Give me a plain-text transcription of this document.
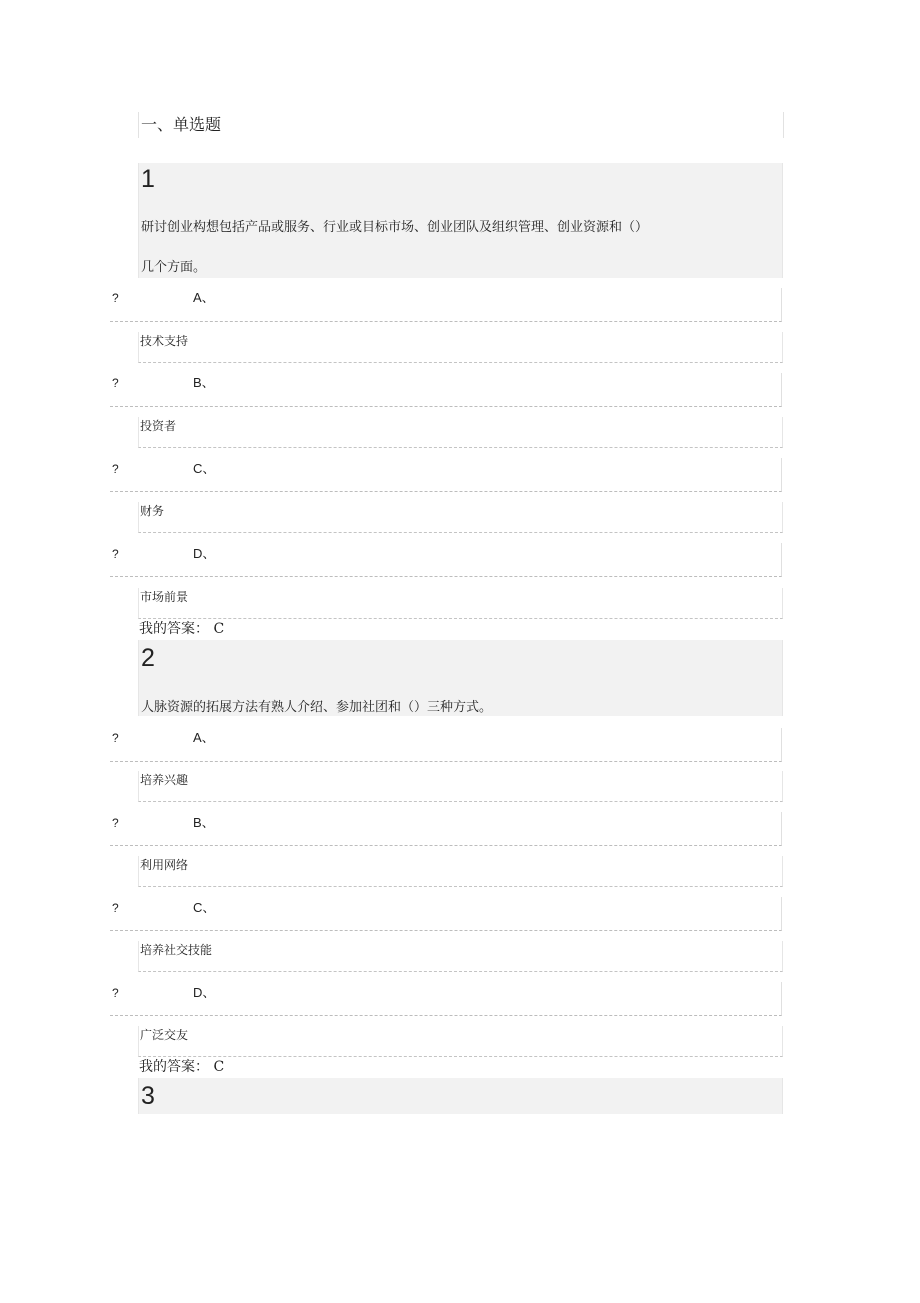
一、单选题
1
研讨创业构想包括产品或服务、行业或目标市场、创业团队及组织管理、创业资源和（）
几个方面。
?	A、
技术支持
?	B、
投资者
?	C、
财务
?	D、
市场前景
我的答案： C
2
人脉资源的拓展方法有熟人介绍、参加社团和（）三种方式。
?	A、
培养兴趣
?	B、
利用网络
?	C、
培养社交技能
?	D、
广泛交友
我的答案： C
3
